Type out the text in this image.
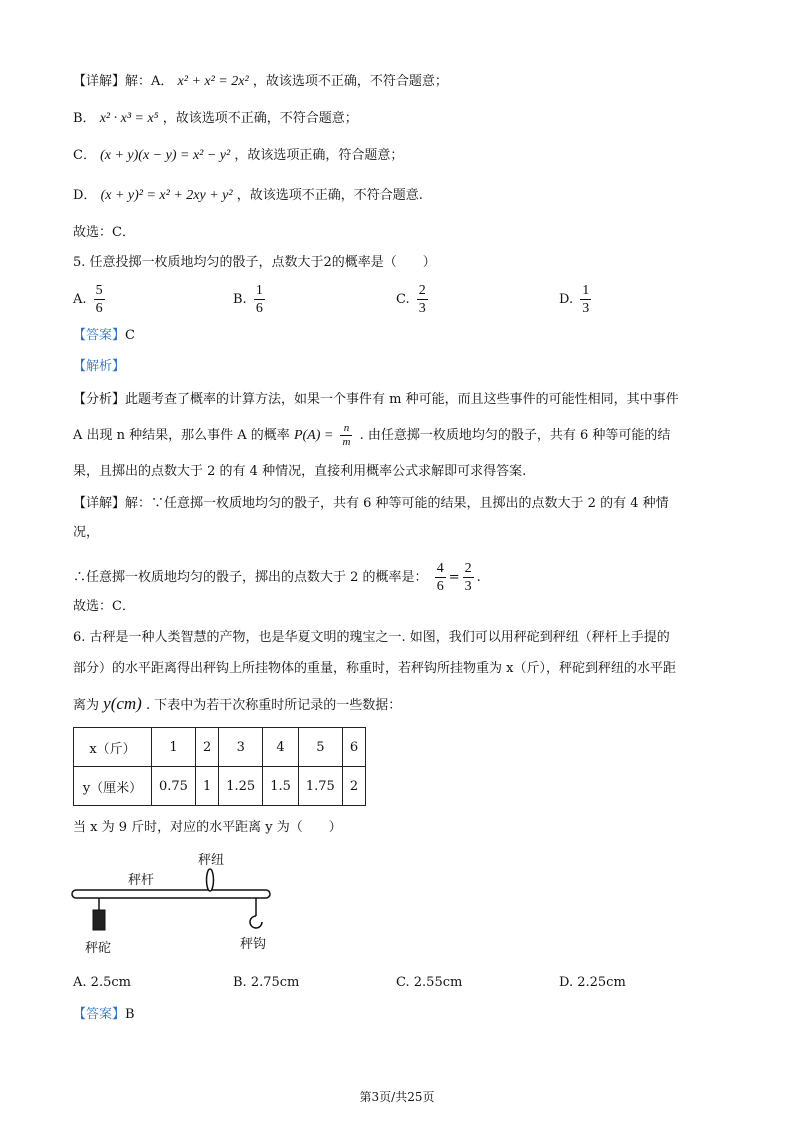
【详解】解：A． x² + x² = 2x² ，故该选项不正确，不符合题意；
B． x² · x³ = x⁵ ，故该选项不正确，不符合题意；
C． (x + y)(x − y) = x² − y² ，故该选项正确，符合题意；
D． (x + y)² = x² + 2xy + y² ，故该选项不正确，不符合题意.
故选：C．
5. 任意投掷一枚质地均匀的骰子，点数大于2的概率是（　　）
A. $\frac{5}{6}$	B. $\frac{1}{6}$	C. $\frac{2}{3}$	D. $\frac{1}{3}$
【答案】C
【解析】
【分析】此题考查了概率的计算方法，如果一个事件有 m 种可能，而且这些事件的可能性相同，其中事件
A 出现 n 种结果，那么事件 A 的概率 $P(A) = \frac{n}{m}$ . 由任意掷一枚质地均匀的骰子，共有 6 种等可能的结
果，且掷出的点数大于 2 的有 4 种情况，直接利用概率公式求解即可求得答案.
【详解】解：∵任意掷一枚质地均匀的骰子，共有 6 种等可能的结果，且掷出的点数大于 2 的有 4 种情
况，
∴任意掷一枚质地均匀的骰子，掷出的点数大于 2 的概率是： $\frac{4}{6} = \frac{2}{3}$ .
故选：C．
6. 古秤是一种人类智慧的产物，也是华夏文明的瑰宝之一. 如图，我们可以用秤砣到秤纽（秤杆上手提的
部分）的水平距离得出秤钩上所挂物体的重量，称重时，若秤钩所挂物重为 x（斤），秤砣到秤纽的水平距
离为 y(cm) . 下表中为若干次称重时所记录的一些数据：
x（斤）	1	2	3	4	5	6
y（厘米）	0.75	1	1.25	1.5	1.75	2
当 x 为 9 斤时，对应的水平距离 y 为（　　）
秤纽
秤杆
秤砣	秤钩
A. 2.5cm	B. 2.75cm	C. 2.55cm	D. 2.25cm
【答案】B
第3页/共25页
